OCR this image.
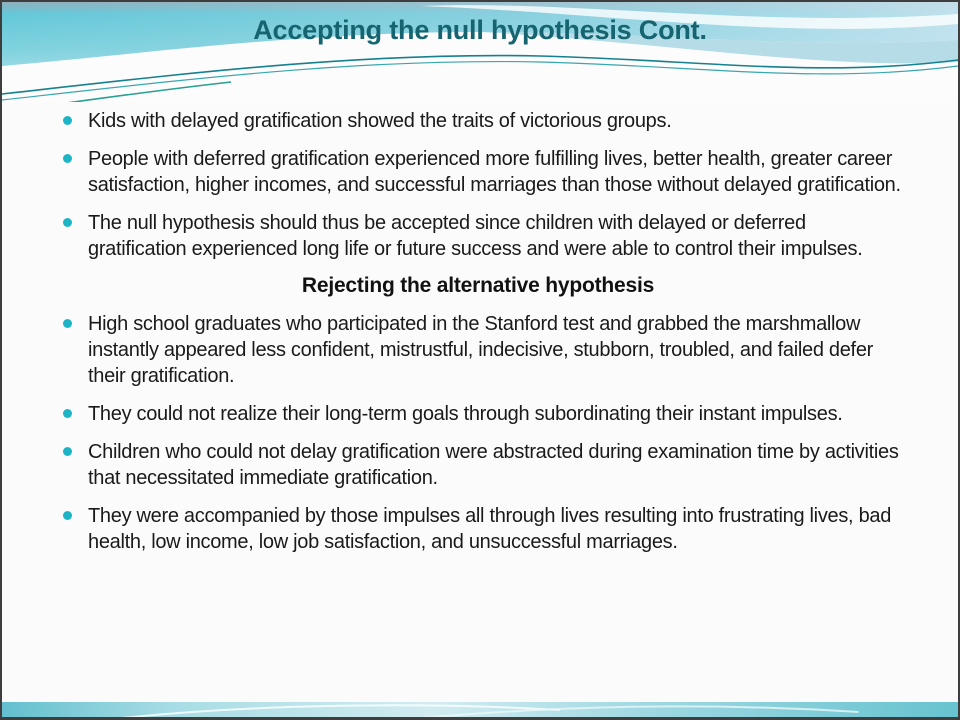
Accepting the null hypothesis Cont.
Kids with delayed gratification showed the traits of victorious groups.
People with deferred gratification experienced more fulfilling lives, better health, greater career satisfaction, higher incomes, and successful marriages than those without delayed gratification.
The null hypothesis should thus be accepted since children with delayed or deferred gratification experienced long life or future success and were able to control their impulses.
Rejecting the alternative hypothesis
High school graduates who participated in the Stanford test and grabbed the marshmallow instantly appeared less confident, mistrustful, indecisive, stubborn, troubled, and failed defer their gratification.
They could not realize their long-term goals through subordinating their instant impulses.
Children who could not delay gratification were abstracted during examination time by activities that necessitated immediate gratification.
They were accompanied by those impulses all through lives resulting into frustrating lives, bad health, low income, low job satisfaction, and unsuccessful marriages.
